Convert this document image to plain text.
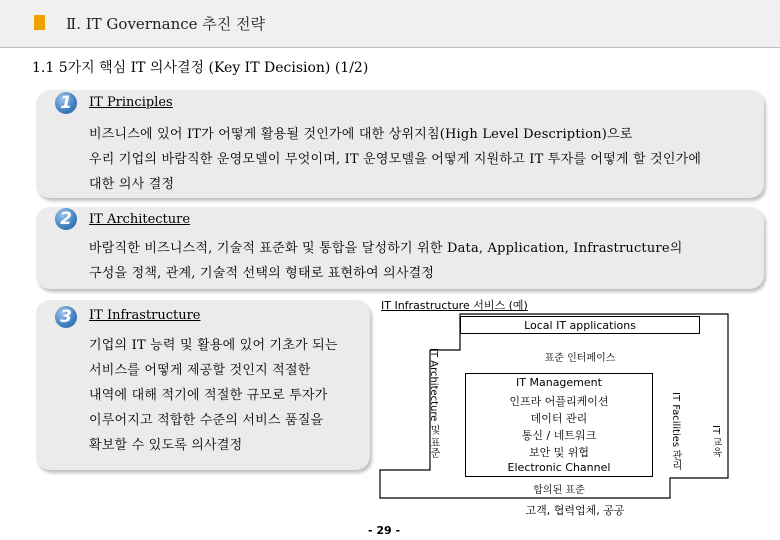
Ⅱ. IT Governance 추진 전략
1.1 5가지 핵심 IT 의사결정 (Key IT Decision) (1/2)
1	IT Principles
비즈니스에 있어 IT가 어떻게 활용될 것인가에 대한 상위지침(High Level Description)으로
우리 기업의 바람직한 운영모델이 무엇이며, IT 운영모델을 어떻게 지원하고 IT 투자를 어떻게 할 것인가에
대한 의사 결정
2	IT Architecture
바람직한 비즈니스적, 기술적 표준화 및 통합을 달성하기 위한 Data, Application, Infrastructure의
구성을 정책, 관계, 기술적 선택의 형태로 표현하여 의사결정
3	IT Infrastructure
기업의 IT 능력 및 활용에 있어 기초가 되는
서비스를 어떻게 제공할 것인지 적절한
내역에 대해 적기에 적절한 규모로 투자가
이루어지고 적합한 수준의 서비스 품질을
확보할 수 있도록 의사결정
IT Infrastructure 서비스 (예)
Local IT applications
표준 인터페이스
IT Architecture 및 표준	IT Management
인프라 어플리케이션
데이터 관리
통신 / 네트워크
보안 및 위협
Electronic Channel	IT Facilities 관리	IT 교육
합의된 표준
고객, 협력업체, 공공
- 29 -
